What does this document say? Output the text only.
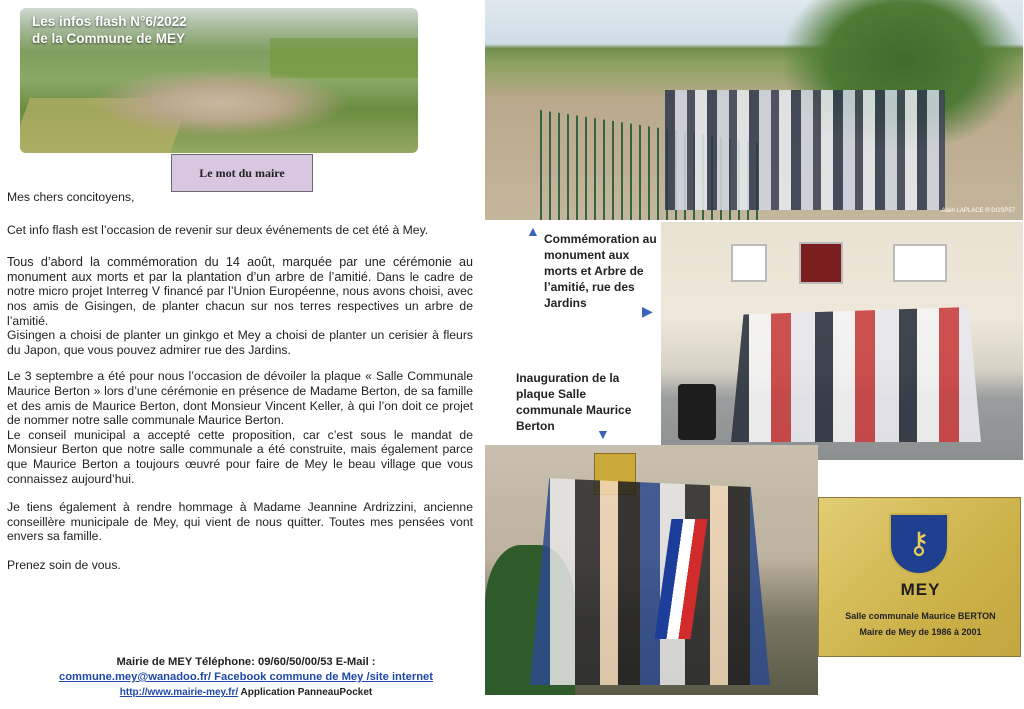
Les infos flash N°6/2022
de la Commune de MEY
Le mot du maire

Mes chers concitoyens,

Cet info flash est l’occasion de revenir sur deux événements de cet été à Mey.

Tous d’abord la commémoration du 14 août, marquée par une cérémonie au monument aux morts et par la plantation d’un arbre de l’amitié. Dans le cadre de notre micro projet Interreg V financé par l’Union Européenne, nous avons choisi, avec nos amis de Gisingen, de planter chacun sur nos terres respectives un arbre de l’amitié.

Gisingen a choisi de planter un ginkgo et Mey a choisi de planter un cerisier à fleurs du Japon, que vous pouvez admirer rue des Jardins.

Le 3 septembre a été pour nous l’occasion de dévoiler la plaque « Salle Communale Maurice Berton » lors d’une cérémonie en présence de Madame Berton, de sa famille et des amis de Maurice Berton, dont Monsieur Vincent Keller, à qui l’on doit ce projet de nommer notre salle communale Maurice Berton.

Le conseil municipal a accepté cette proposition, car c’est sous le mandat de Monsieur Berton que notre salle communale a été construite, mais également parce que Maurice Berton a toujours œuvré pour faire de Mey le beau village que vous connaissez aujourd’hui.

Je tiens également à rendre hommage à Madame Jeannine Ardrizzini, ancienne conseillère municipale de Mey, qui vient de nous quitter. Toutes mes pensées vont envers sa famille.

Prenez soin de vous.

Mairie de MEY Téléphone: 09/60/50/00/53 E-Mail :
commune.mey@wanadoo.fr/ Facebook commune de Mey /site internet
http://www.mairie-mey.fr/ Application PanneauPocket
Alain LAPLACE ® DGSP57
⚷
MEY
Salle communale Maurice BERTON
Maire de Mey de 1986 à 2001
▲ Commémoration au monument aux morts et Arbre de l’amitié, rue des Jardins	▶
Inauguration de la plaque Salle communale Maurice Berton	▼
